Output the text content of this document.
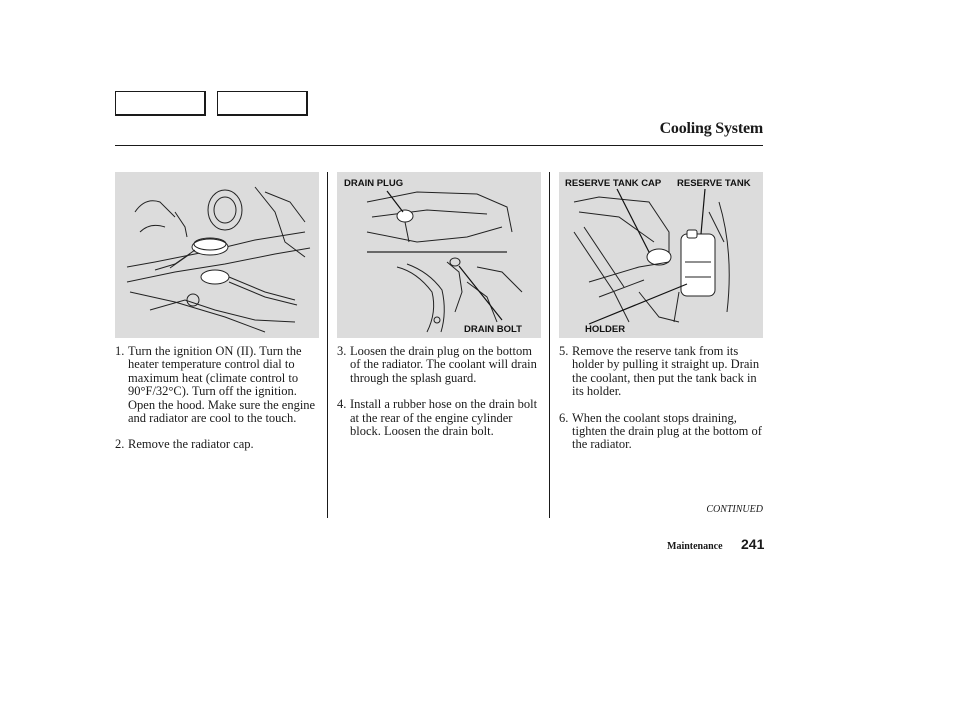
Cooling System
DRAIN PLUG
DRAIN BOLT
RESERVE TANK CAP RESERVE TANK
HOLDER
1. Turn the ignition ON (II). Turn the heater temperature control dial to maximum heat (climate control to 90°F/32°C). Turn off the ignition. Open the hood. Make sure the engine and radiator are cool to the touch.
2. Remove the radiator cap.
3. Loosen the drain plug on the bottom of the radiator. The coolant will drain through the splash guard.
4. Install a rubber hose on the drain bolt at the rear of the engine cylinder block. Loosen the drain bolt.
5. Remove the reserve tank from its holder by pulling it straight up. Drain the coolant, then put the tank back in its holder.
6. When the coolant stops draining, tighten the drain plug at the bottom of the radiator.
CONTINUED
Maintenance 241
